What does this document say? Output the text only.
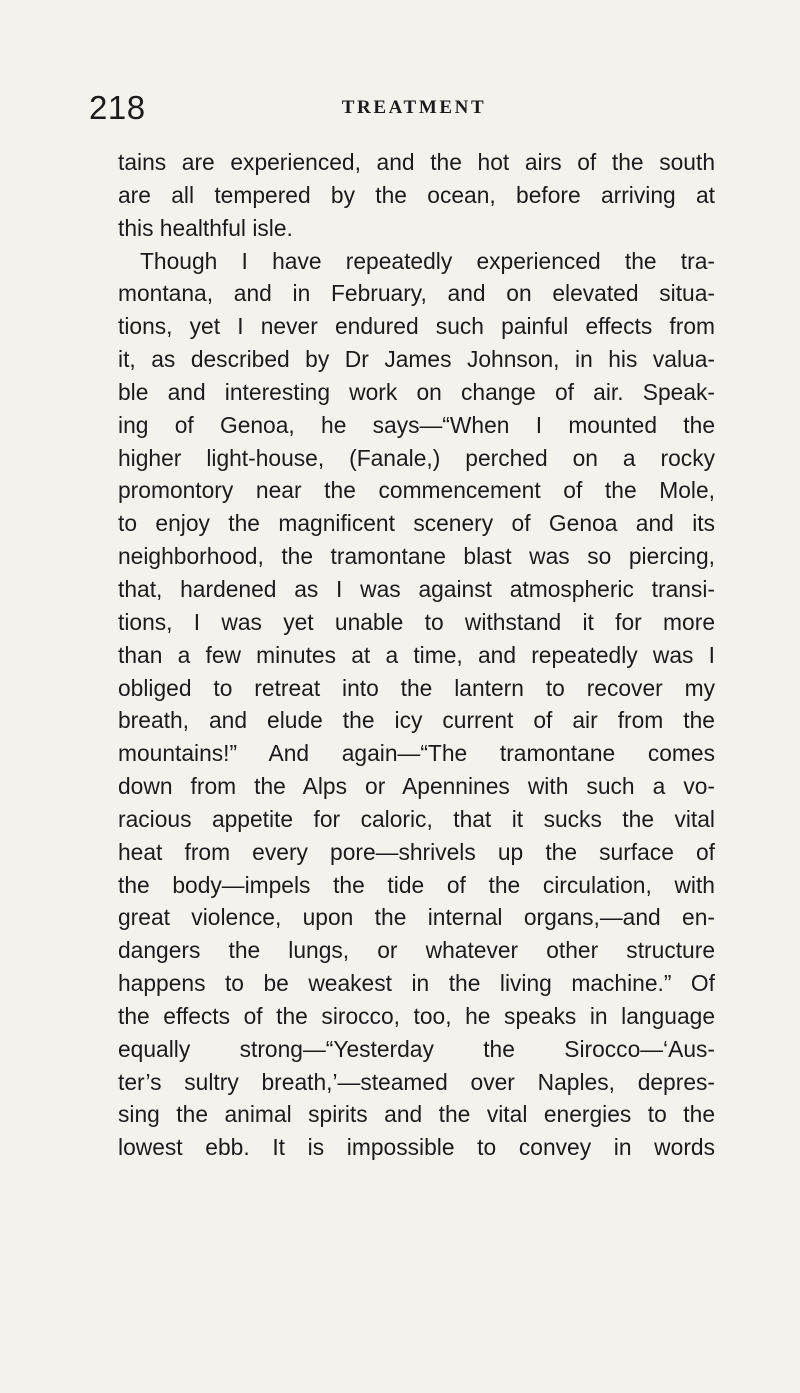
218	TREATMENT
tains are experienced, and the hot airs of the south
are all tempered by the ocean, before arriving at
this healthful isle.
Though I have repeatedly experienced the tra-
montana, and in February, and on elevated situa-
tions, yet I never endured such painful effects from
it, as described by Dr James Johnson, in his valua-
ble and interesting work on change of air. Speak-
ing of Genoa, he says—“When I mounted the
higher light-house, (Fanale,) perched on a rocky
promontory near the commencement of the Mole,
to enjoy the magnificent scenery of Genoa and its
neighborhood, the tramontane blast was so piercing,
that, hardened as I was against atmospheric transi-
tions, I was yet unable to withstand it for more
than a few minutes at a time, and repeatedly was I
obliged to retreat into the lantern to recover my
breath, and elude the icy current of air from the
mountains!” And again—“The tramontane comes
down from the Alps or Apennines with such a vo-
racious appetite for caloric, that it sucks the vital
heat from every pore—shrivels up the surface of
the body—impels the tide of the circulation, with
great violence, upon the internal organs,—and en-
dangers the lungs, or whatever other structure
happens to be weakest in the living machine.” Of
the effects of the sirocco, too, he speaks in language
equally strong—“Yesterday the Sirocco—‘Aus-
ter’s sultry breath,’—steamed over Naples, depres-
sing the animal spirits and the vital energies to the
lowest ebb. It is impossible to convey in words
